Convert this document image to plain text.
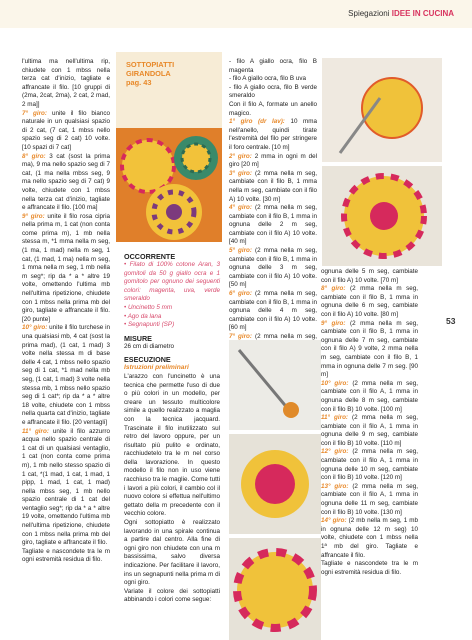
Spiegazioni IDEE IN CUCINA

l'ultima ma nell'ultima rip, chiudete con 1 mbss nella terza cat d'inizio, tagliate e affrancate il filo. [10 gruppi di (2ma, 2cat, 2ma), 2 cat, 2 mad, 2 ma]]

7° giro: unite il filo bianco naturale in un qualsiasi spazio di 2 cat, (7 cat, 1 mbss nello spazio seg di 2 cat) 10 volte. [10 spazi di 7 cat]

8° giro: 3 cat (sost la prima ma), 9 ma nello spazio seg di 7 cat, (1 ma nella mbss seg, 9 ma nello spazio seg di 7 cat) 9 volte, chiudete con 1 mbss nella terza cat d'inizio, tagliate e affrancate il filo. [100 ma]

9° giro: unite il filo rosa cipria nella prima m, 1 cat (non conta come prima m), 1 mb nella stessa m, *1 mma nella m seg, (1 ma, 1 mad) nella m seg, 1 cat, (1 mad, 1 ma) nella m seg, 1 mma nella m seg, 1 mb nella m seg*; rip da * a * altre 19 volte, omettendo l'ultima mb nell'ultima ripetizione, chiudete con 1 mbss nella prima mb del giro, tagliate e affrancate il filo. [20 punte]

10° giro: unite il filo turchese in una qualsiasi mb, 4 cat (sost la prima mad), (1 cat, 1 mad) 3 volte nella stessa m di base delle 4 cat, 1 mbss nello spazio seg di 1 cat, *1 mad nella mb seg, (1 cat, 1 mad) 3 volte nella stessa mb, 1 mbss nello spazio seg di 1 cat*; rip da * a * altre 18 volte, chiudete con 1 mbss nella quarta cat d'inizio, tagliate e affrancate il filo. [20 ventagli]

11° giro: unite il filo azzurro acqua nello spazio centrale di 1 cat di un qualsiasi ventaglio, 1 cat (non conta come prima m), 1 mb nello stesso spazio di 1 cat, *(1 mad, 1 cat, 1 mad, 1 pipp, 1 mad, 1 cat, 1 mad) nella mbss seg, 1 mb nello spazio centrale di 1 cat del ventaglio seg*; rip da * a * altre 19 volte, omettendo l'ultima mb nell'ultima ripetizione, chiudete con 1 mbss nella prima mb del giro, tagliate e affrancate il filo.

Tagliate e nascondete tra le m ogni estremità residua di filo.

SOTTOPIATTI
GIRANDOLA
pag. 43
OCCORRENTE
• Filato di 100% cotone Aran, 3 gomitoli da 50 g giallo ocra e 1 gomitolo per ognuno dei seguenti colori: magenta, uva, verde smeraldo
• Uncinetto 5 mm
• Ago da lana
• Segnapunti (SP)
MISURE

26 cm di diametro

ESECUZIONE
Istruzioni preliminari

L'arazzo con l'uncinetto è una tecnica che permette l'uso di due o più colori in un modello, per creare un tessuto multicolore simile a quello realizzato a maglia con la tecnica jacquard. Trascinate il filo inutilizzato sul retro del lavoro oppure, per un risultato più pulito e ordinato, racchiudetelo tra le m nel corso della lavorazione. In questo modello il filo non in uso viene racchiuso tra le maglie. Come tutti i lavori a più colori, il cambio col il nuovo colore si effettua nell'ultimo gettato della m precedente con il vecchio colore.

Ogni sottopiatto è realizzato lavorando in una spirale continua a partire dal centro. Alla fine di ogni giro non chiudete con una m bassissima, salvo diversa indicazione. Per facilitare il lavoro, ins un segnapunti nella prima m di ogni giro.

Variate il colore dei sottopiatti abbinando i colori come segue:

- filo A giallo ocra, filo B magenta

- filo A giallo ocra, filo B uva

- filo A giallo ocra, filo B verde smeraldo

Con il filo A, formate un anello magico.

1° giro (dr lav): 10 mma nell'anello, quindi tirate l'estremità del filo per stringere il foro centrale. [10 m]

2° giro: 2 mma in ogni m del giro [20 m]

3° giro: (2 mma nella m seg, cambiate con il filo B, 1 mma nella m seg, cambiate con il filo A) 10 volte. [30 m]

4° giro: (2 mma nella m seg, cambiate con il filo B, 1 mma in ognuna delle 2 m seg, cambiate con il filo A) 10 volte. [40 m]

5° giro: (2 mma nella m seg, cambiate con il filo B, 1 mma in ognuna delle 3 m seg, cambiate con il filo A) 10 volte. [50 m]

6° giro: (2 mma nella m seg, cambiate con il filo B, 1 mma in ognuna delle 4 m seg, cambiate con il filo A) 10 volte. [60 m]

7° giro: (2 mma nella m seg,

ognuna delle 5 m seg, cambiate con il filo A) 10 volte. [70 m]

8° giro: (2 mma nella m seg, cambiate con il filo B, 1 mma in ognuna delle 6 m seg, cambiate con il filo A) 10 volte. [80 m]

9° giro: (2 mma nella m seg, cambiate con il filo B, 1 mma in ognuna delle 7 m seg, cambiate con il filo A) 9 volte, 2 mma nella m seg, cambiate con il filo B, 1 mma in ognuna delle 7 m seg. [90 m]

10° giro: (2 mma nella m seg, cambiate con il filo A, 1 mma in ognuna delle 8 m seg, cambiate con il filo B) 10 volte. [100 m]

11° giro: (2 mma nella m seg, cambiate con il filo A, 1 mma in ognuna delle 9 m seg, cambiate con il filo B) 10 volte. [110 m]

12° giro: (2 mma nella m seg, cambiate con il filo A, 1 mma in ognuna delle 10 m seg, cambiate con il filo B) 10 volte. [120 m]

13° giro: (2 mma nella m seg, cambiate con il filo A, 1 mma in ognuna delle 11 m seg, cambiate con il filo B) 10 volte. [130 m]

14° giro: (2 mb nella m seg, 1 mb in ognuna delle 12 m seg) 10 volte, chiudete con 1 mbss nella 1ª mb del giro. Tagliate e affrancate il filo.

Tagliate e nascondete tra le m ogni estremità residua di filo.

53
